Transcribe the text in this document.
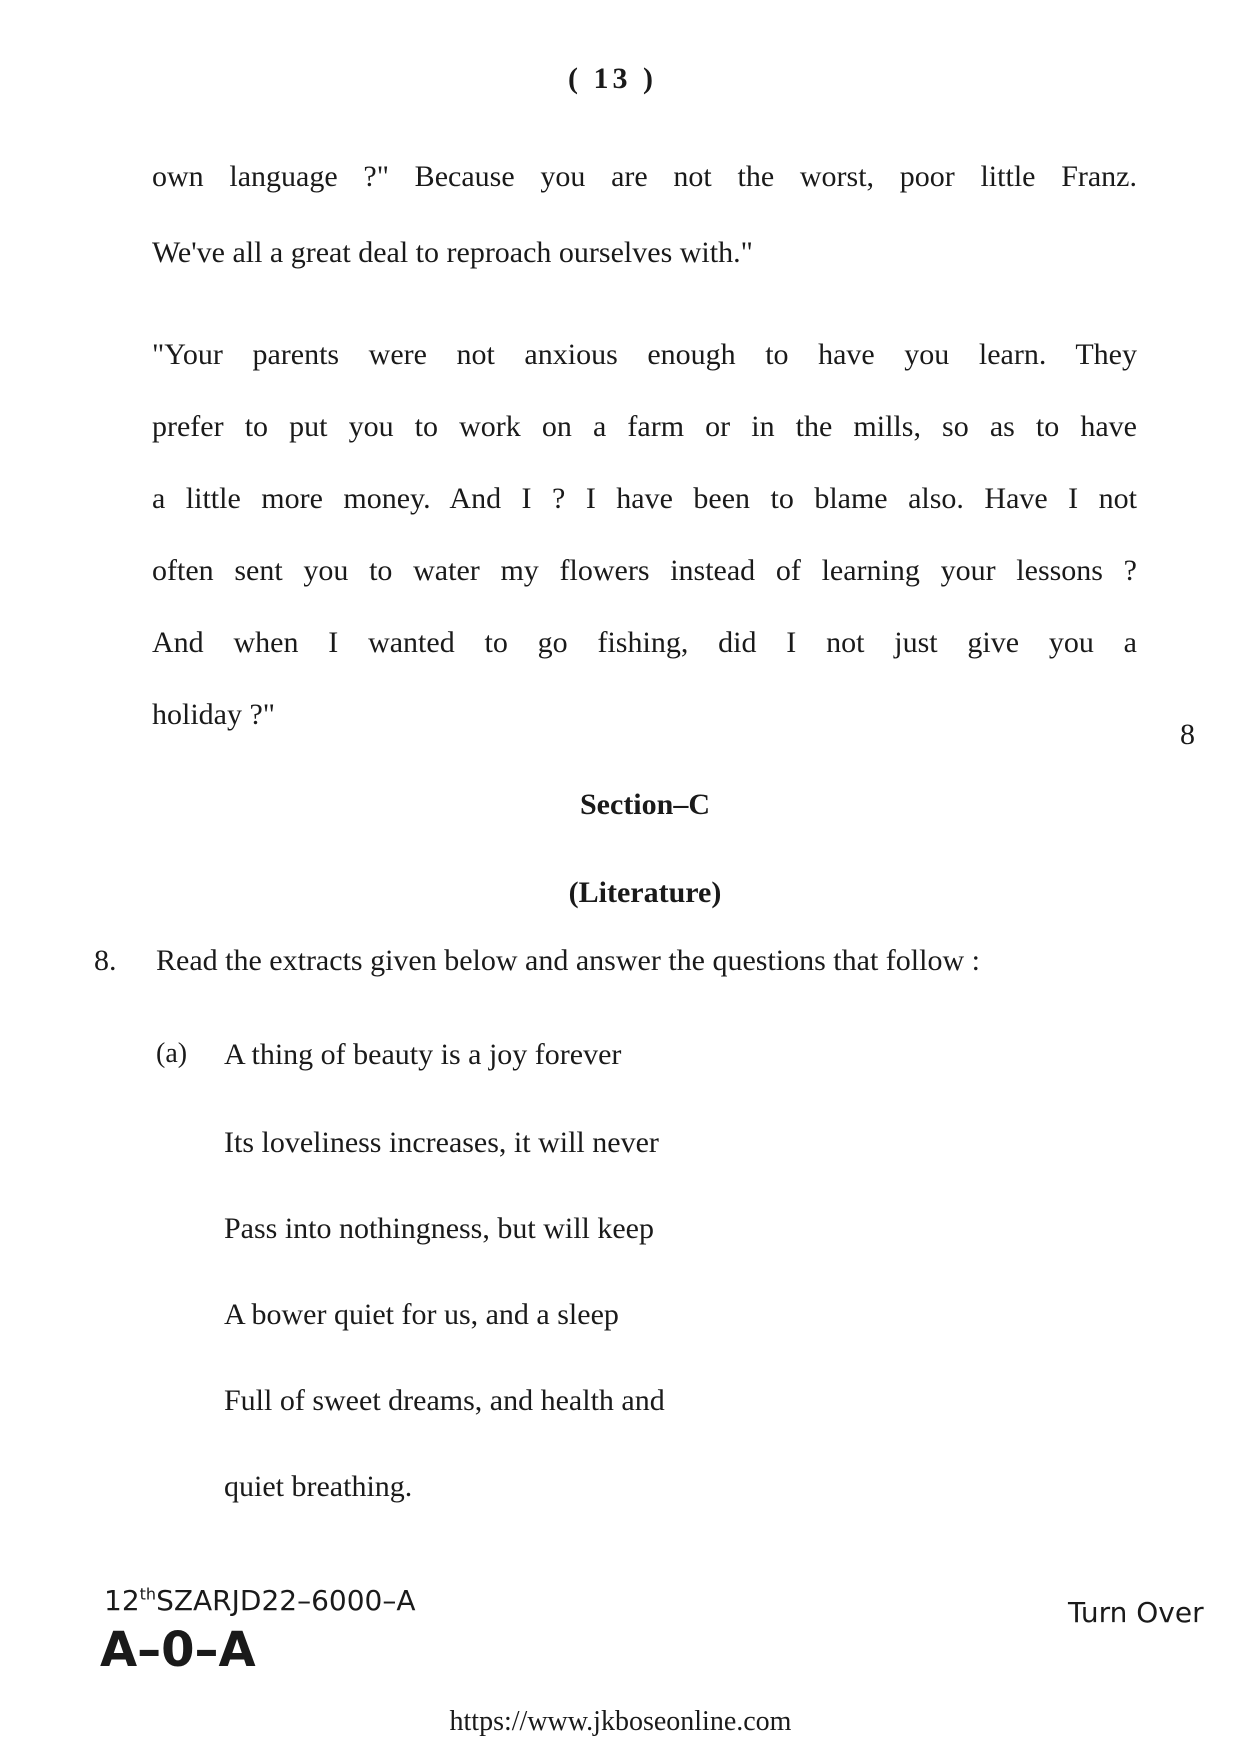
( 13 )
own language ?" Because you are not the worst, poor little Franz.
We've all a great deal to reproach ourselves with."
"Your parents were not anxious enough to have you learn. They
prefer to put you to work on a farm or in the mills, so as to have
a little more money. And I ? I have been to blame also. Have I not
often sent you to water my flowers instead of learning your lessons ?
And when I wanted to go fishing, did I not just give you a
holiday ?"
8
Section–C
(Literature)
8. Read the extracts given below and answer the questions that follow :
(a) A thing of beauty is a joy forever
Its loveliness increases, it will never
Pass into nothingness, but will keep
A bower quiet for us, and a sleep
Full of sweet dreams, and health and
quiet breathing.
12thSZARJD22–6000–A
A–0–A
Turn Over
https://www.jkboseonline.com
